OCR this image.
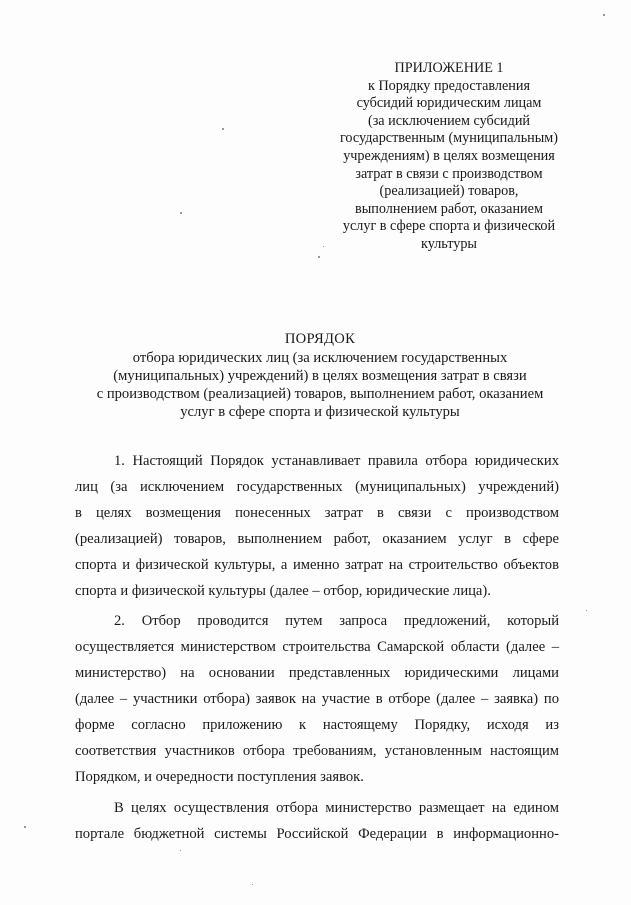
ПРИЛОЖЕНИЕ 1
к Порядку предоставления
субсидий юридическим лицам
(за исключением субсидий
государственным (муниципальным)
учреждениям) в целях возмещения
затрат в связи с производством
(реализацией) товаров,
выполнением работ, оказанием
услуг в сфере спорта и физической
культуры
ПОРЯДОК
отбора юридических лиц (за исключением государственных
(муниципальных) учреждений) в целях возмещения затрат в связи
с производством (реализацией) товаров, выполнением работ, оказанием
услуг в сфере спорта и физической культуры
1. Настоящий Порядок устанавливает правила отбора юридических
лиц (за исключением государственных (муниципальных) учреждений)
в целях возмещения понесенных затрат в связи с производством
(реализацией) товаров, выполнением работ, оказанием услуг в сфере
спорта и физической культуры, а именно затрат на строительство объектов
спорта и физической культуры (далее – отбор, юридические лица).
2. Отбор проводится путем запроса предложений, который
осуществляется министерством строительства Самарской области (далее –
министерство) на основании представленных юридическими лицами
(далее – участники отбора) заявок на участие в отборе (далее – заявка) по
форме согласно приложению к настоящему Порядку, исходя из
соответствия участников отбора требованиям, установленным настоящим
Порядком, и очередности поступления заявок.
В целях осуществления отбора министерство размещает на едином
портале бюджетной системы Российской Федерации в информационно-
